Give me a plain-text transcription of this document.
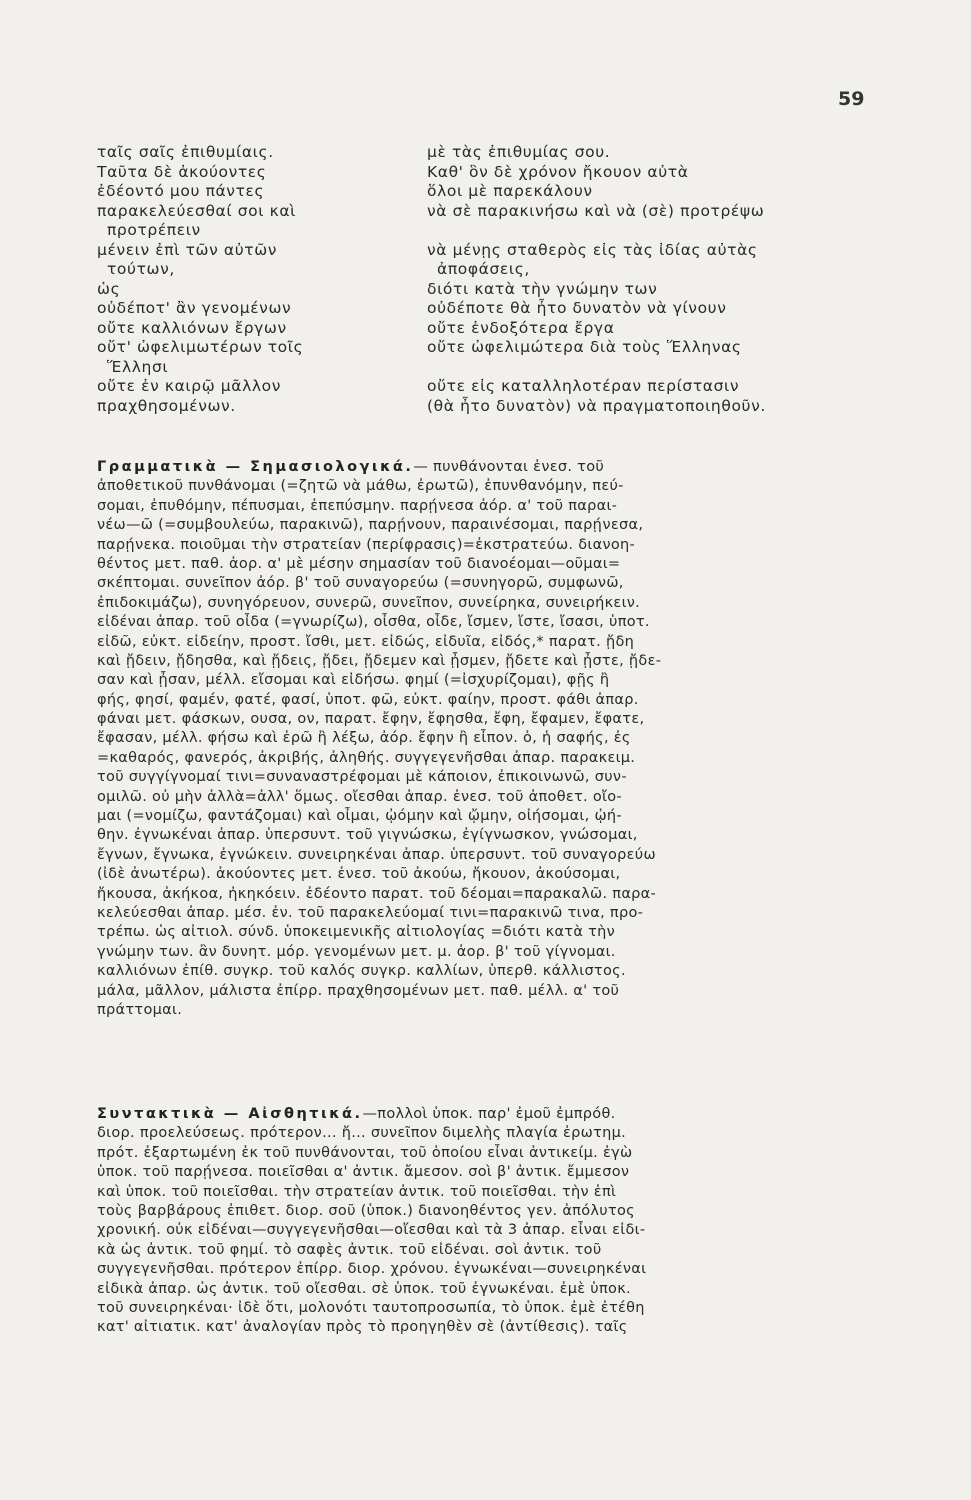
59
ταῖς σαῖς ἐπιθυμίαις.
Ταῦτα δὲ ἀκούοντες
ἐδέοντό μου πάντες
παρακελεύεσθαί σοι καὶ
προτρέπειν
μένειν ἐπὶ τῶν αὐτῶν
τούτων,
ὡς
οὐδέποτ' ἂν γενομένων
οὔτε καλλιόνων ἔργων
οὔτ' ὠφελιμωτέρων τοῖς
Ἕλλησι
οὔτε ἐν καιρῷ μᾶλλον
πραχθησομένων.
μὲ τὰς ἐπιθυμίας σου.
Καθ' ὃν δὲ χρόνον ἤκουον αὐτὰ
ὅλοι μὲ παρεκάλουν
νὰ σὲ παρακινήσω καὶ νὰ (σὲ) προτρέψω
νὰ μένῃς σταθερὸς εἰς τὰς ἰδίας αὐτὰς
ἀποφάσεις,
διότι κατὰ τὴν γνώμην των
οὐδέποτε θὰ ἦτο δυνατὸν νὰ γίνουν
οὔτε ἐνδοξότερα ἔργα
οὔτε ὠφελιμώτερα διὰ τοὺς Ἕλληνας
οὔτε εἰς καταλληλοτέραν περίστασιν
(θὰ ἦτο δυνατὸν) νὰ πραγματοποιηθοῦν.
Γραμματικὰ — Σημασιολογικά.— πυνθάνονται ἐνεσ. τοῦ
ἀποθετικοῦ πυνθάνομαι (=ζητῶ νὰ μάθω, ἐρωτῶ), ἐπυνθανόμην, πεύ-
σομαι, ἐπυθόμην, πέπυσμαι, ἐπεπύσμην. παρῄνεσα ἀόρ. α' τοῦ παραι-
νέω—ῶ (=συμβουλεύω, παρακινῶ), παρῄνουν, παραινέσομαι, παρῄνεσα,
παρῄνεκα. ποιοῦμαι τὴν στρατείαν (περίφρασις)=ἐκστρατεύω. διανοη-
θέντος μετ. παθ. ἀορ. α' μὲ μέσην σημασίαν τοῦ διανοέομαι—οῦμαι=
σκέπτομαι. συνεῖπον ἀόρ. β' τοῦ συναγορεύω (=συνηγορῶ, συμφωνῶ,
ἐπιδοκιμάζω), συνηγόρευον, συνερῶ, συνεῖπον, συνείρηκα, συνειρήκειν.
εἰδέναι ἀπαρ. τοῦ οἶδα (=γνωρίζω), οἶσθα, οἶδε, ἴσμεν, ἴστε, ἴσασι, ὑποτ.
εἰδῶ, εὐκτ. εἰδείην, προστ. ἴσθι, μετ. εἰδώς, εἰδυῖα, εἰδός,* παρατ. ᾔδη
καὶ ᾔδειν, ᾔδησθα, καὶ ᾔδεις, ᾔδει, ᾔδεμεν καὶ ᾖσμεν, ᾔδετε καὶ ᾖστε, ᾔδε-
σαν καὶ ᾖσαν, μέλλ. εἴσομαι καὶ εἰδήσω. φημί (=ἰσχυρίζομαι), φῇς ἢ
φής, φησί, φαμέν, φατέ, φασί, ὑποτ. φῶ, εὐκτ. φαίην, προστ. φάθι ἀπαρ.
φάναι μετ. φάσκων, ουσα, ον, παρατ. ἔφην, ἔφησθα, ἔφη, ἔφαμεν, ἔφατε,
ἔφασαν, μέλλ. φήσω καὶ ἐρῶ ἢ λέξω, ἀόρ. ἔφην ἢ εἶπον. ὁ, ἡ σαφής, ἐς
=καθαρός, φανερός, ἀκριβής, ἀληθής. συγγεγενῆσθαι ἀπαρ. παρακειμ.
τοῦ συγγίγνομαί τινι=συναναστρέφομαι μὲ κάποιον, ἐπικοινωνῶ, συν-
ομιλῶ. οὐ μὴν ἀλλὰ=ἀλλ' ὅμως. οἴεσθαι ἀπαρ. ἐνεσ. τοῦ ἀποθετ. οἴο-
μαι (=νομίζω, φαντάζομαι) καὶ οἶμαι, ᾠόμην καὶ ᾤμην, οἰήσομαι, ᾠή-
θην. ἐγνωκέναι ἀπαρ. ὑπερσυντ. τοῦ γιγνώσκω, ἐγίγνωσκον, γνώσομαι,
ἔγνων, ἔγνωκα, ἐγνώκειν. συνειρηκέναι ἀπαρ. ὑπερσυντ. τοῦ συναγορεύω
(ἰδὲ ἀνωτέρω). ἀκούοντες μετ. ἐνεσ. τοῦ ἀκούω, ἤκουον, ἀκούσομαι,
ἤκουσα, ἀκήκοα, ἠκηκόειν. ἐδέοντο παρατ. τοῦ δέομαι=παρακαλῶ. παρα-
κελεύεσθαι ἀπαρ. μέσ. ἐν. τοῦ παρακελεύομαί τινι=παρακινῶ τινα, προ-
τρέπω. ὡς αἰτιολ. σύνδ. ὑποκειμενικῆς αἰτιολογίας =διότι κατὰ τὴν
γνώμην των. ἂν δυνητ. μόρ. γενομένων μετ. μ. ἀορ. β' τοῦ γίγνομαι.
καλλιόνων ἐπίθ. συγκρ. τοῦ καλός συγκρ. καλλίων, ὑπερθ. κάλλιστος.
μάλα, μᾶλλον, μάλιστα ἐπίρρ. πραχθησομένων μετ. παθ. μέλλ. α' τοῦ
πράττομαι.
Συντακτικὰ — Αἰσθητικά.—πολλοὶ ὑποκ. παρ' ἐμοῦ ἐμπρόθ.
διορ. προελεύσεως. πρότερον... ἤ... συνεῖπον διμελὴς πλαγία ἐρωτημ.
πρότ. ἐξαρτωμένη ἐκ τοῦ πυνθάνονται, τοῦ ὁποίου εἶναι ἀντικείμ. ἐγὼ
ὑποκ. τοῦ παρῄνεσα. ποιεῖσθαι α' ἀντικ. ἄμεσον. σοὶ β' ἀντικ. ἔμμεσον
καὶ ὑποκ. τοῦ ποιεῖσθαι. τὴν στρατείαν ἀντικ. τοῦ ποιεῖσθαι. τὴν ἐπὶ
τοὺς βαρβάρους ἐπιθετ. διορ. σοῦ (ὑποκ.) διανοηθέντος γεν. ἀπόλυτος
χρονική. οὐκ εἰδέναι—συγγεγενῆσθαι—οἴεσθαι καὶ τὰ 3 ἀπαρ. εἶναι εἰδι-
κὰ ὡς ἀντικ. τοῦ φημί. τὸ σαφὲς ἀντικ. τοῦ εἰδέναι. σοὶ ἀντικ. τοῦ
συγγεγενῆσθαι. πρότερον ἐπίρρ. διορ. χρόνου. ἐγνωκέναι—συνειρηκέναι
εἰδικὰ ἀπαρ. ὡς ἀντικ. τοῦ οἴεσθαι. σὲ ὑποκ. τοῦ ἐγνωκέναι. ἐμὲ ὑποκ.
τοῦ συνειρηκέναι· ἰδὲ ὅτι, μολονότι ταυτοπροσωπία, τὸ ὑποκ. ἐμὲ ἐτέθη
κατ' αἰτιατικ. κατ' ἀναλογίαν πρὸς τὸ προηγηθὲν σὲ (ἀντίθεσις). ταῖς
